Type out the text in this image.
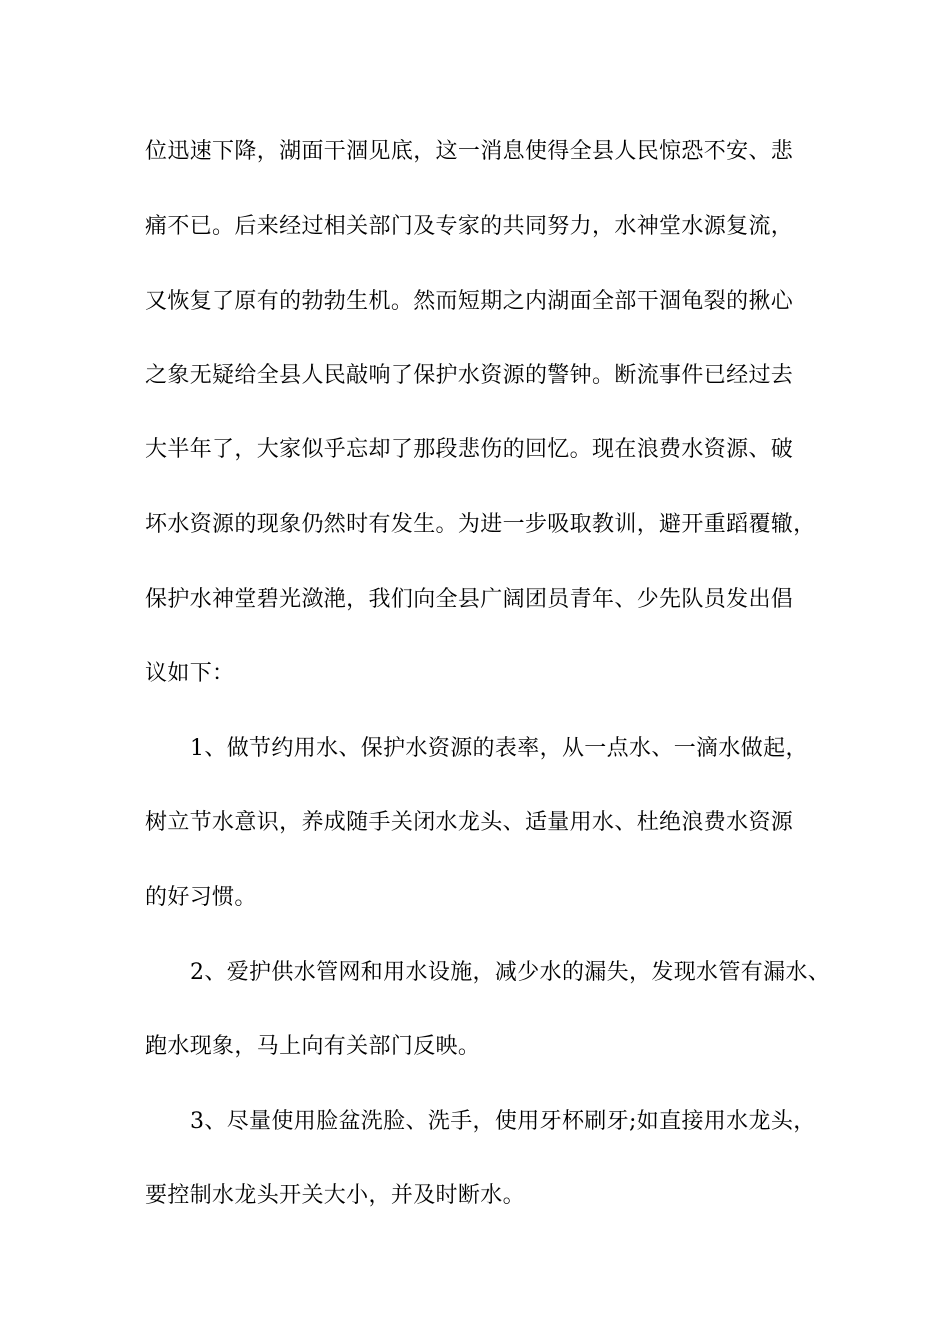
位迅速下降，湖面干涸见底，这一消息使得全县人民惊恐不安、悲
痛不已。后来经过相关部门及专家的共同努力，水神堂水源复流，
又恢复了原有的勃勃生机。然而短期之内湖面全部干涸龟裂的揪心
之象无疑给全县人民敲响了保护水资源的警钟。断流事件已经过去
大半年了，大家似乎忘却了那段悲伤的回忆。现在浪费水资源、破
坏水资源的现象仍然时有发生。为进一步吸取教训，避开重蹈覆辙，
保护水神堂碧光潋滟，我们向全县广阔团员青年、少先队员发出倡
议如下：
1、做节约用水、保护水资源的表率，从一点水、一滴水做起，
树立节水意识，养成随手关闭水龙头、适量用水、杜绝浪费水资源
的好习惯。
2、爱护供水管网和用水设施，减少水的漏失，发现水管有漏水、
跑水现象，马上向有关部门反映。
3、尽量使用脸盆洗脸、洗手，使用牙杯刷牙;如直接用水龙头，
要控制水龙头开关大小，并及时断水。
